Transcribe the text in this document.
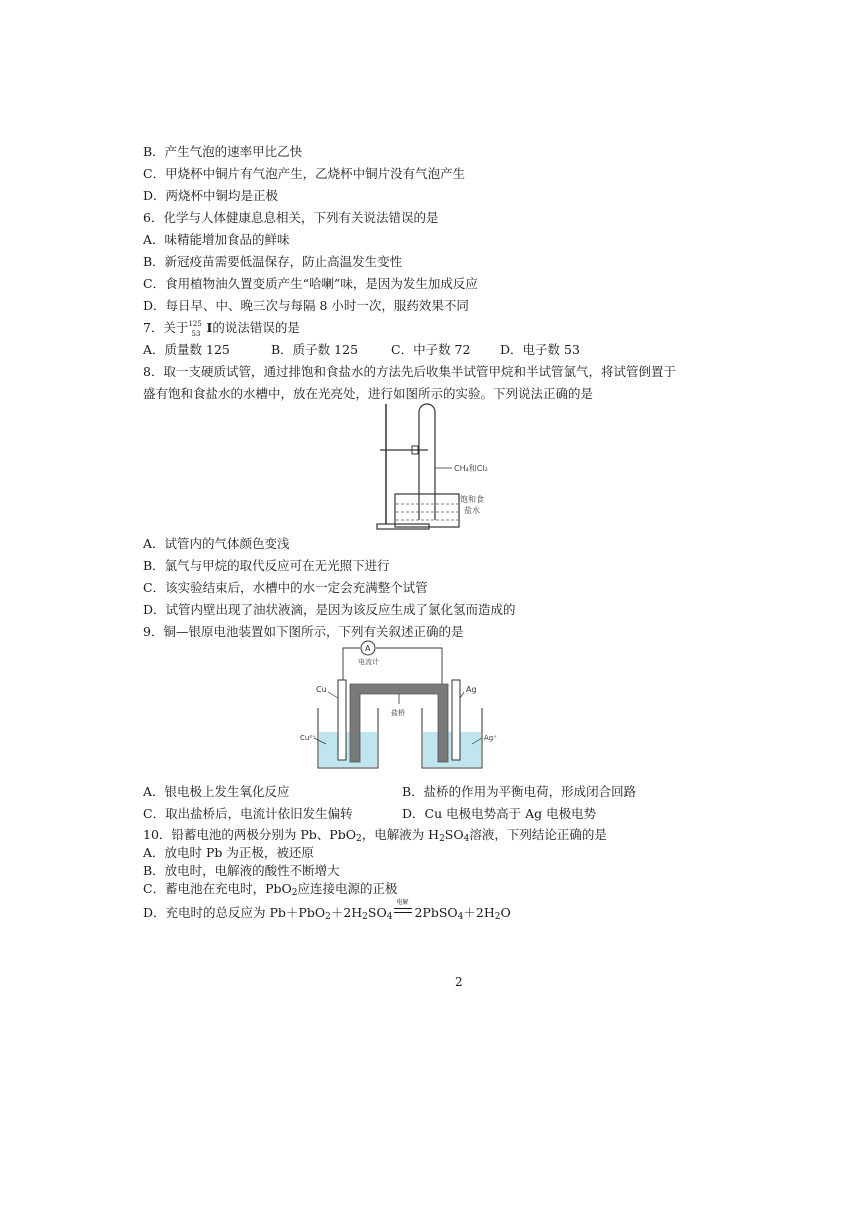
B．产生气泡的速率甲比乙快
C．甲烧杯中铜片有气泡产生，乙烧杯中铜片没有气泡产生
D．两烧杯中铜均是正极
6．化学与人体健康息息相关，下列有关说法错误的是
A．味精能增加食品的鲜味
B．新冠疫苗需要低温保存，防止高温发生变性
C．食用植物油久置变质产生“哈喇”味，是因为发生加成反应
D．每日早、中、晚三次与每隔 8 小时一次，服药效果不同
7．关于 125
53 I的说法错误的是
A．质量数 125	B．质子数 125	C．中子数 72 D．电子数 53
8．取一支硬质试管，通过排饱和食盐水的方法先后收集半试管甲烷和半试管氯气，将试管倒置于
盛有饱和食盐水的水槽中，放在光亮处，进行如图所示的实验。下列说法正确的是
CH₄和Cl₂
饱和食
盐水
A．试管内的气体颜色变浅
B．氯气与甲烷的取代反应可在无光照下进行
C．该实验结束后，水槽中的水一定会充满整个试管
D．试管内壁出现了油状液滴，是因为该反应生成了氯化氢而造成的
9．铜—银原电池装置如下图所示，下列有关叙述正确的是
A
电流计
盐桥
Cu	Ag
Cu²⁺	Ag⁺
A．银电极上发生氧化反应	B．盐桥的作用为平衡电荷，形成闭合回路
C．取出盐桥后，电流计依旧发生偏转	D．Cu 电极电势高于 Ag 电极电势
10．铅蓄电池的两极分别为 Pb、PbO$_2$，电解液为 $H_2SO_4$溶液，下列结论正确的是
A．放电时 Pb 为正极，被还原
B．放电时，电解液的酸性不断增大
C．蓄电池在充电时，PbO$_2$应连接电源的正极
D．充电时的总反应为 $Pb+PbO_2+2H_2SO_4$
电解
$2PbSO_4+2H_2O$
2
